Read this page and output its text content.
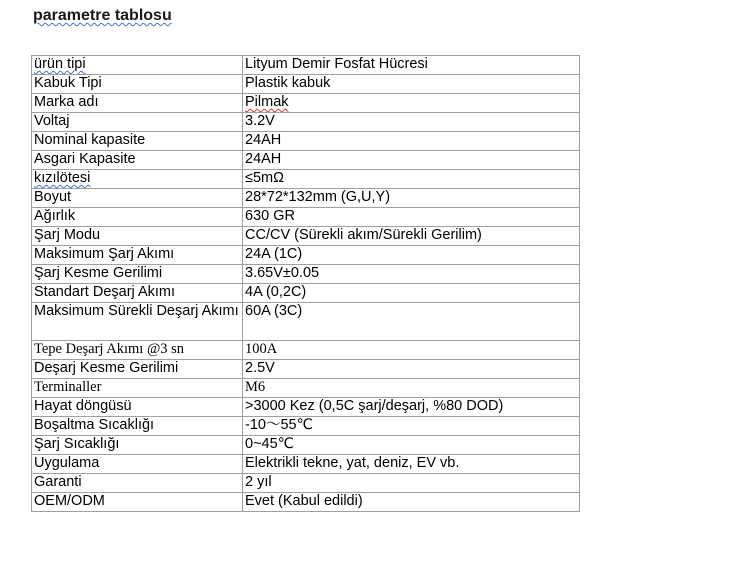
parametre tablosu
ürün tipi	Lityum Demir Fosfat Hücresi
Kabuk Tipi	Plastik kabuk
Marka adı	Pilmak
Voltaj	3.2V
Nominal kapasite	24AH
Asgari Kapasite	24AH
kızılötesi	≤5mΩ
Boyut	28*72*132mm (G,U,Y)
Ağırlık	630 GR
Şarj Modu	CC/CV (Sürekli akım/Sürekli Gerilim)
Maksimum Şarj Akımı	24A (1C)
Şarj Kesme Gerilimi	3.65V±0.05
Standart Deşarj Akımı	4A (0,2C)
Maksimum Sürekli Deşarj Akımı	60A (3C)
Tepe Deşarj Akımı @3 sn	100A
Deşarj Kesme Gerilimi	2.5V
Terminaller	M6
Hayat döngüsü	>3000 Kez (0,5C şarj/deşarj, %80 DOD)
Boşaltma Sıcaklığı	-10〜55℃
Şarj Sıcaklığı	0~45℃
Uygulama	Elektrikli tekne, yat, deniz, EV vb.
Garanti	2 yıl
OEM/ODM	Evet (Kabul edildi)
